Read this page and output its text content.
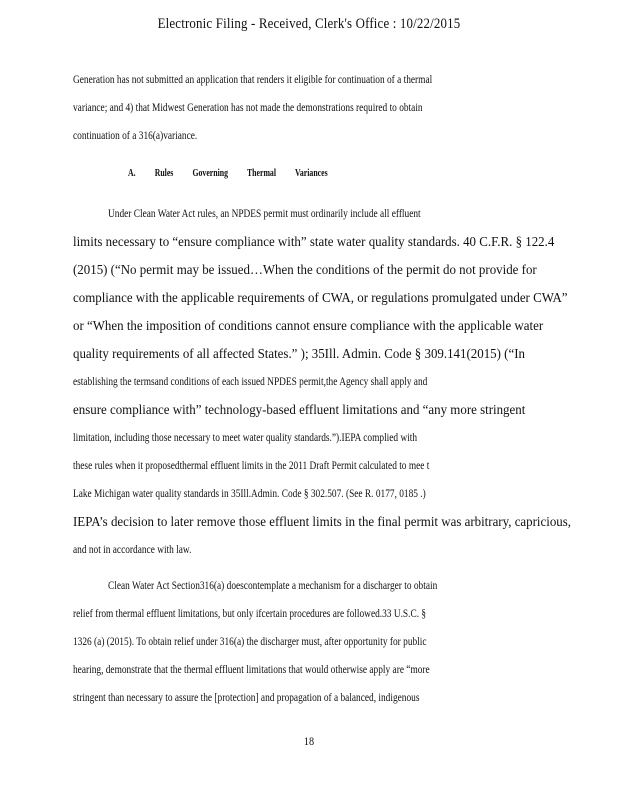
Electronic Filing - Received, Clerk's Office : 10/22/2015
Generation has not submitted an application that renders it eligible for continuation of a thermal
variance; and 4) that Midwest Generation has not made the demonstrations required to obtain
continuation of a 316(a)variance.
A. Rules Governing Thermal Variances
Under Clean Water Act rules, an NPDES permit must ordinarily include all effluent
limits necessary to “ensure compliance with” state water quality standards. 40 C.F.R. § 122.4
(2015) (“No permit may be issued…When the conditions of the permit do not provide for
compliance with the applicable requirements of CWA, or regulations promulgated under CWA”
or “When the imposition of conditions cannot ensure compliance with the applicable water
quality requirements of all affected States.” ); 35Ill. Admin. Code § 309.141(2015) (“In
establishing the termsand conditions of each issued NPDES permit,the Agency shall apply and
ensure compliance with” technology-based effluent limitations and “any more stringent
limitation, including those necessary to meet water quality standards.”).IEPA complied with
these rules when it proposedthermal effluent limits in the 2011 Draft Permit calculated to mee t
Lake Michigan water quality standards in 35Ill.Admin. Code § 302.507. (See R. 0177, 0185 .)
IEPA’s decision to later remove those effluent limits in the final permit was arbitrary, capricious,
and not in accordance with law.
Clean Water Act Section316(a) doescontemplate a mechanism for a discharger to obtain
relief from thermal effluent limitations, but only ifcertain procedures are followed.33 U.S.C. §
1326 (a) (2015). To obtain relief under 316(a) the discharger must, after opportunity for public
hearing, demonstrate that the thermal effluent limitations that would otherwise apply are “more
stringent than necessary to assure the [protection] and propagation of a balanced, indigenous
18
